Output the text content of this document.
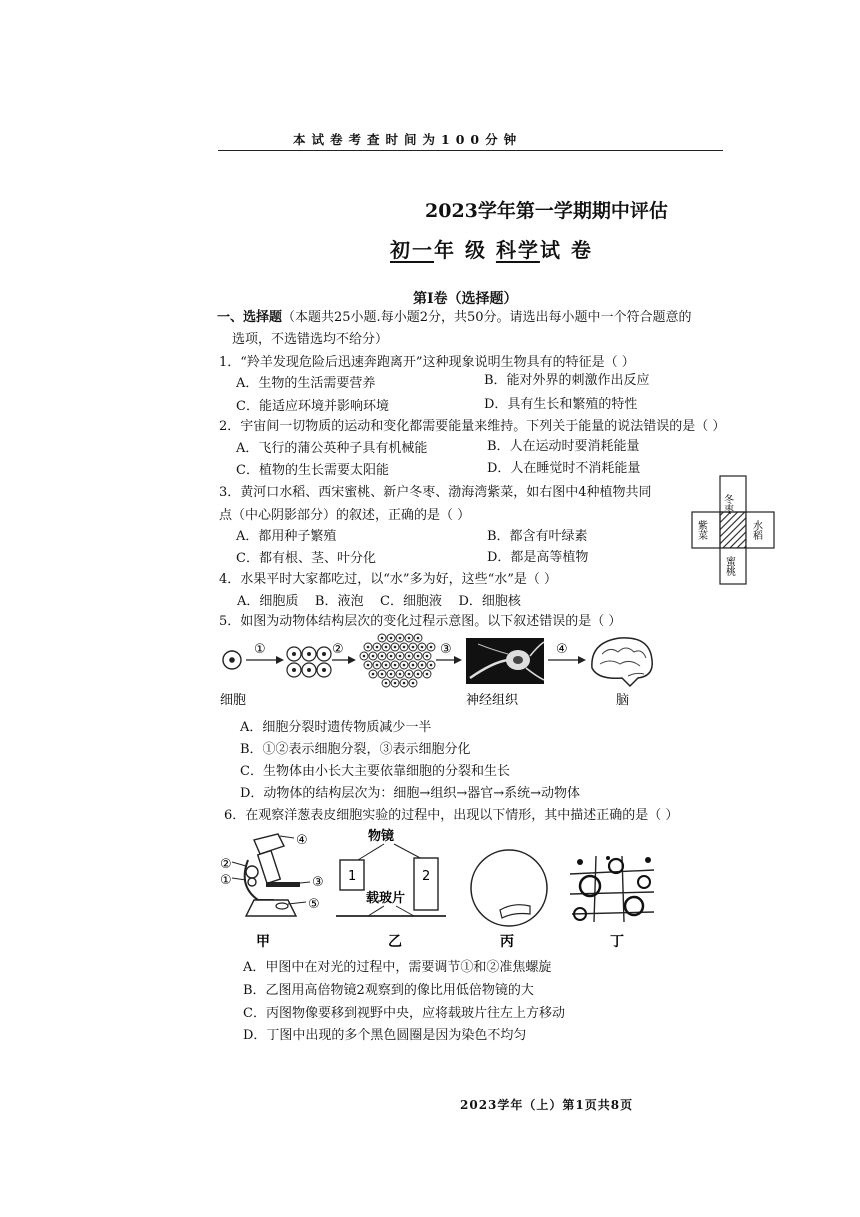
本试卷考查时间为100分钟
2023学年第一学期期中评估
初一年 级 科学试 卷
第Ⅰ卷（选择题）
一、选择题（本题共25小题.每小题2分，共50分。请选出每小题中一个符合题意的
选项，不选错选均不给分）
1．“羚羊发现危险后迅速奔跑离开”这种现象说明生物具有的特征是（ ）
A．生物的生活需要营养	B．能对外界的刺激作出反应
C．能适应环境并影响环境	D．具有生长和繁殖的特性
2．宇宙间一切物质的运动和变化都需要能量来维持。下列关于能量的说法错误的是（ ）
A．飞行的蒲公英种子具有机械能	B．人在运动时要消耗能量
C．植物的生长需要太阳能	D．人在睡觉时不消耗能量
3．黄河口水稻、西宋蜜桃、新户冬枣、渤海湾紫菜，如右图中4种植物共同
点（中心阴影部分）的叙述，正确的是（ ）
A．都用种子繁殖	B．都含有叶绿素
C．都有根、茎、叶分化	D．都是高等植物
冬枣
紫菜	水稻
蜜桃
4．水果平时大家都吃过，以“水”多为好，这些“水”是（ ）
A．细胞质    B．液泡    C．细胞液    D．细胞核
5．如图为动物体结构层次的变化过程示意图。以下叙述错误的是（ ）
①	②	③	④
细胞	神经组织	脑
A．细胞分裂时遗传物质减少一半
B．①②表示细胞分裂，③表示细胞分化
C．生物体由小长大主要依靠细胞的分裂和生长
D．动物体的结构层次为：细胞→组织→器官→系统→动物体
6．在观察洋葱表皮细胞实验的过程中，出现以下情形，其中描述正确的是（ ）
④
②
①	③
⑤
甲
物镜
1	2
载玻片
乙	丙	丁
A．甲图中在对光的过程中，需要调节①和②准焦螺旋
B．乙图用高倍物镜2观察到的像比用低倍物镜的大
C．丙图物像要移到视野中央，应将载玻片往左上方移动
D．丁图中出现的多个黑色圆圈是因为染色不均匀
2023学年（上）第1页共8页
